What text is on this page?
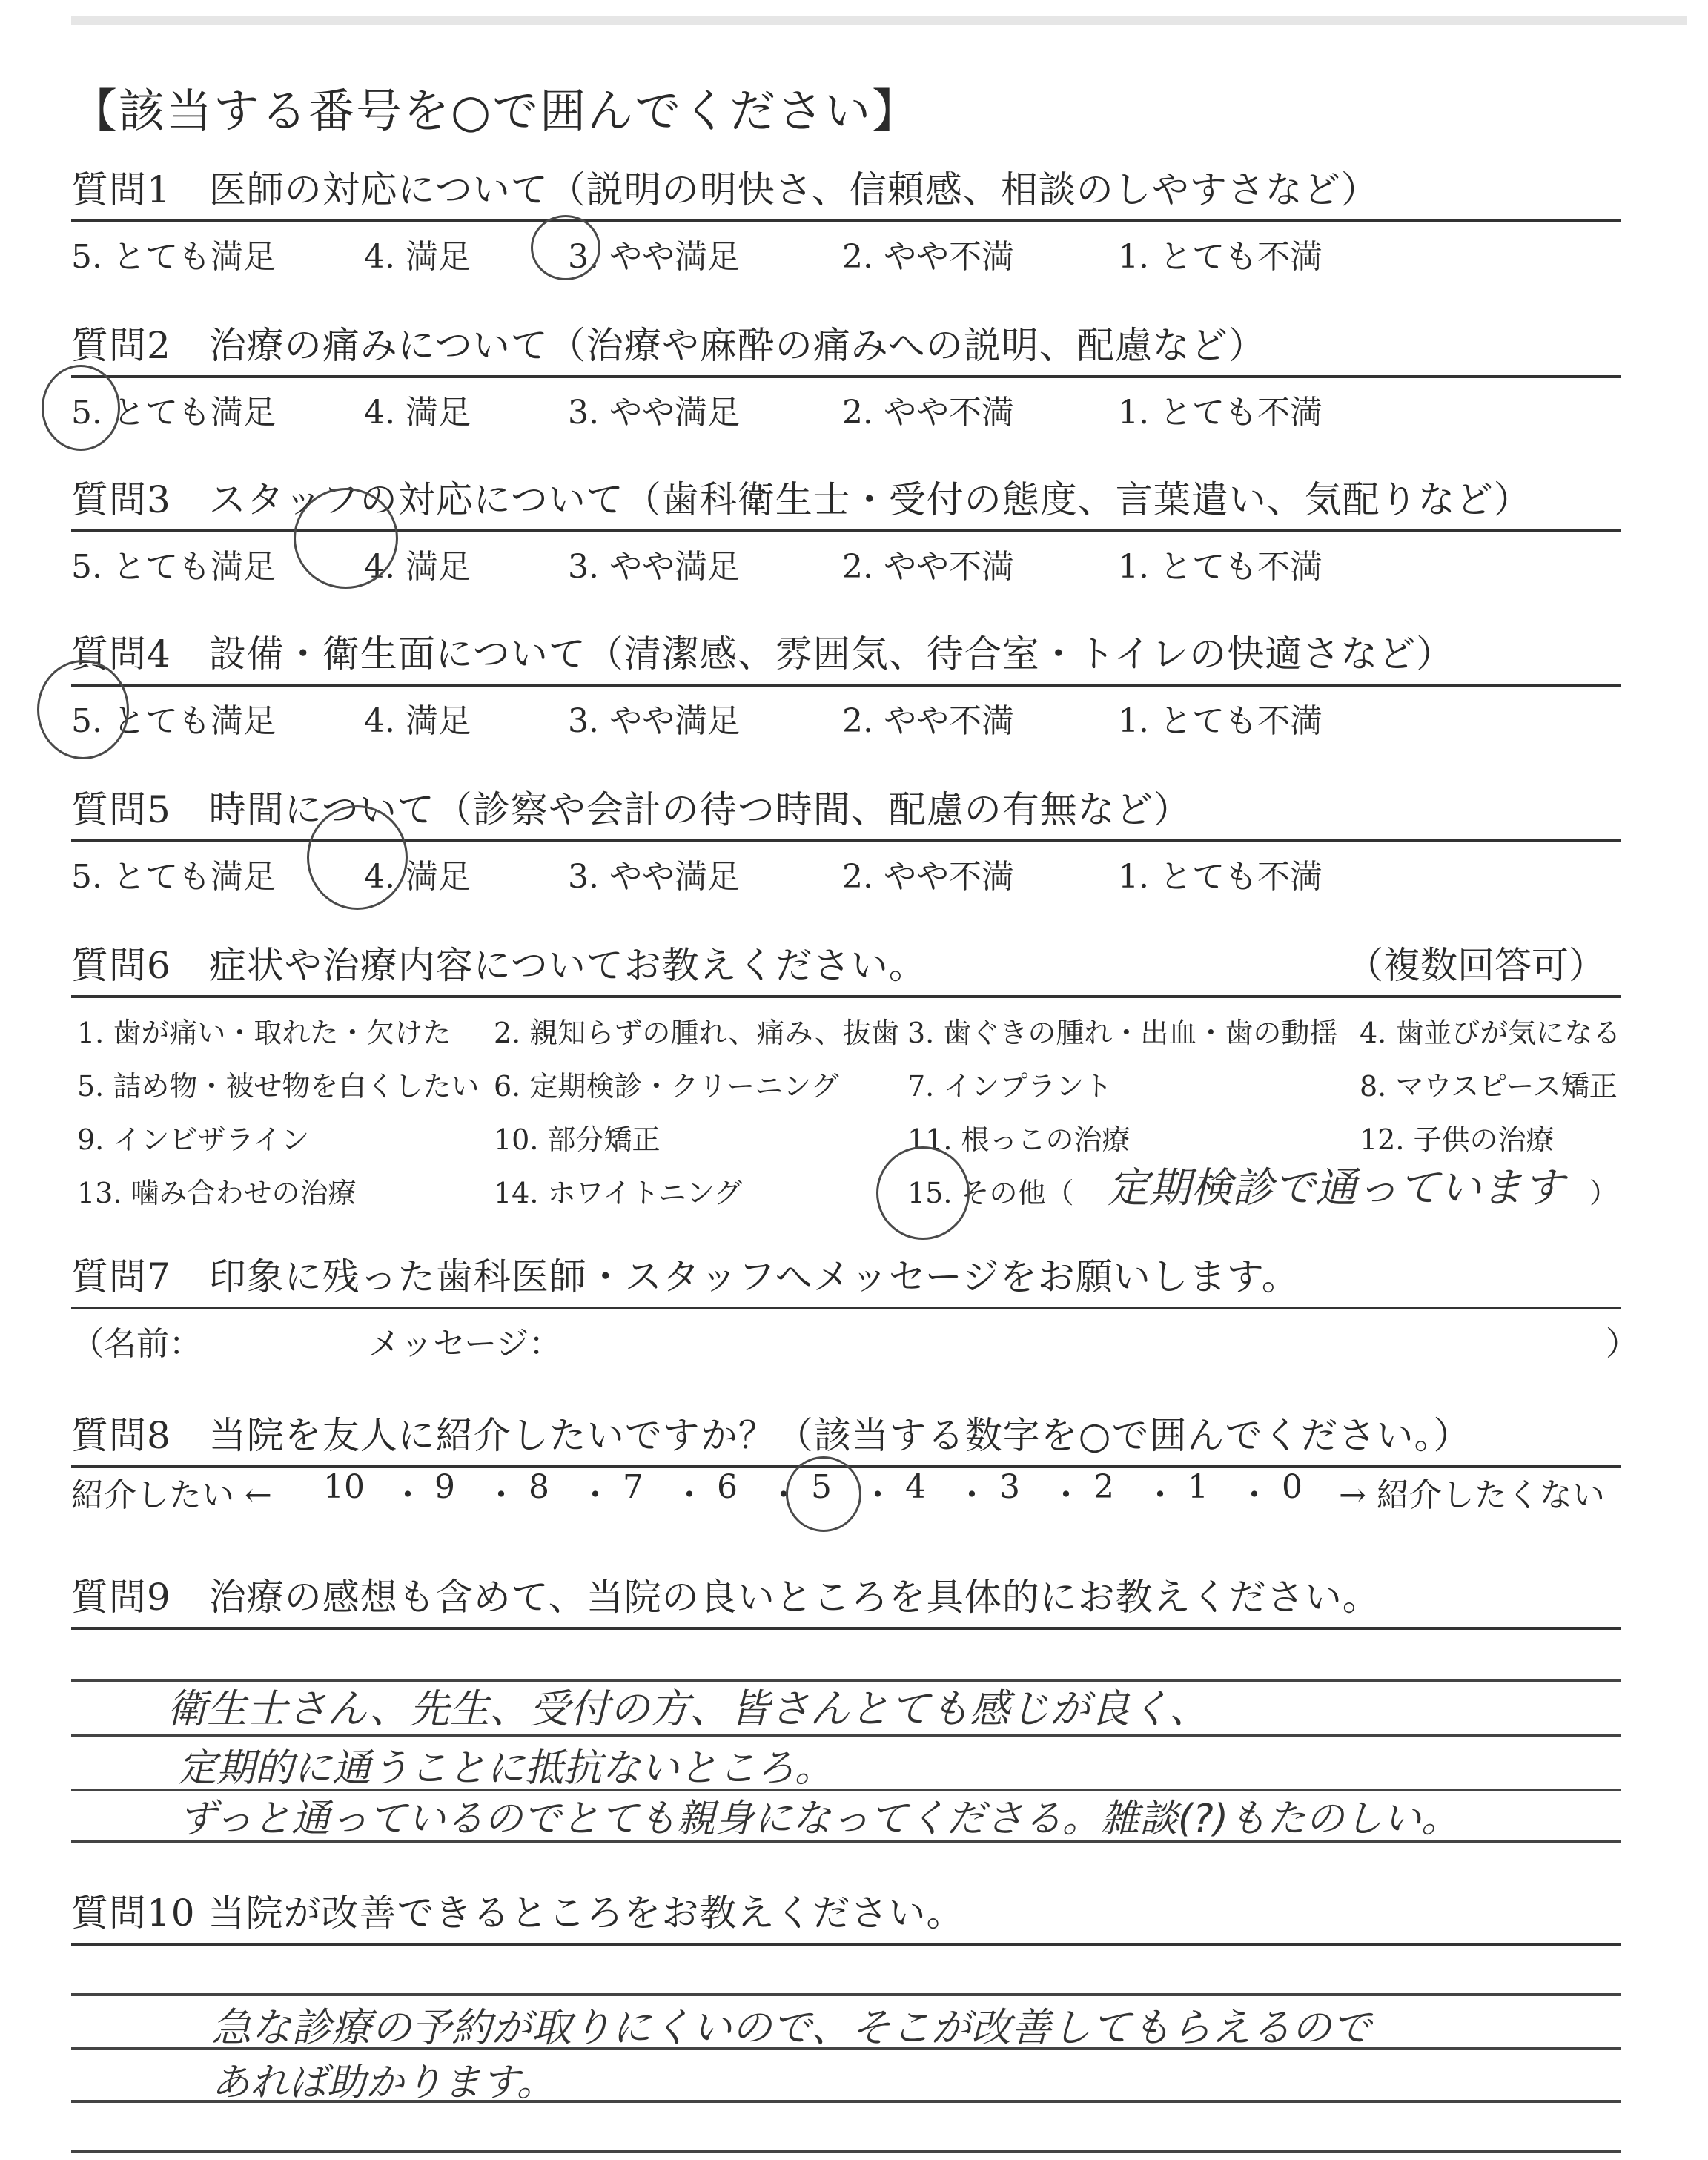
【該当する番号を○で囲んでください】
質問1　医師の対応について（説明の明快さ、信頼感、相談のしやすさなど）
5. とても満足	4. 満足	3. やや満足	2. やや不満	1. とても不満
質問2　治療の痛みについて（治療や麻酔の痛みへの説明、配慮など）
5. とても満足	4. 満足	3. やや満足	2. やや不満	1. とても不満
質問3　スタッフの対応について（歯科衛生士・受付の態度、言葉遣い、気配りなど）
5. とても満足	4. 満足	3. やや満足	2. やや不満	1. とても不満
質問4　設備・衛生面について（清潔感、雰囲気、待合室・トイレの快適さなど）
5. とても満足	4. 満足	3. やや満足	2. やや不満	1. とても不満
質問5　時間について（診察や会計の待つ時間、配慮の有無など）
5. とても満足	4. 満足	3. やや満足	2. やや不満	1. とても不満
質問6　症状や治療内容についてお教えください。	（複数回答可）
1. 歯が痛い・取れた・欠けた 2. 親知らずの腫れ、痛み、抜歯 3. 歯ぐきの腫れ・出血・歯の動揺 4. 歯並びが気になる
5. 詰め物・被せ物を白くしたい 6. 定期検診・クリーニング 7. インプラント	8. マウスピース矯正
9. インビザライン	10. 部分矯正	11. 根っこの治療	12. 子供の治療
13. 噛み合わせの治療	14. ホワイトニング	15. その他（ 定期検診で通っています ）
質問7　印象に残った歯科医師・スタッフへメッセージをお願いします。
（名前：	メッセージ：	）
質問8　当院を友人に紹介したいですか？（該当する数字を○で囲んでください。）
紹介したい ← 10 ・ 9 ・ 8 ・ 7 ・ 6 ・ 5 ・ 4 ・ 3 ・ 2 ・ 1 ・ 0 → 紹介したくない
質問9　治療の感想も含めて、当院の良いところを具体的にお教えください。
衛生士さん、先生、受付の方、皆さんとても感じが良く、
定期的に通うことに抵抗ないところ。
ずっと通っているのでとても親身になってくださる。雑談(?)もたのしい。
質問10 当院が改善できるところをお教えください。
急な診療の予約が取りにくいので、そこが改善してもらえるので
あれば助かります。
